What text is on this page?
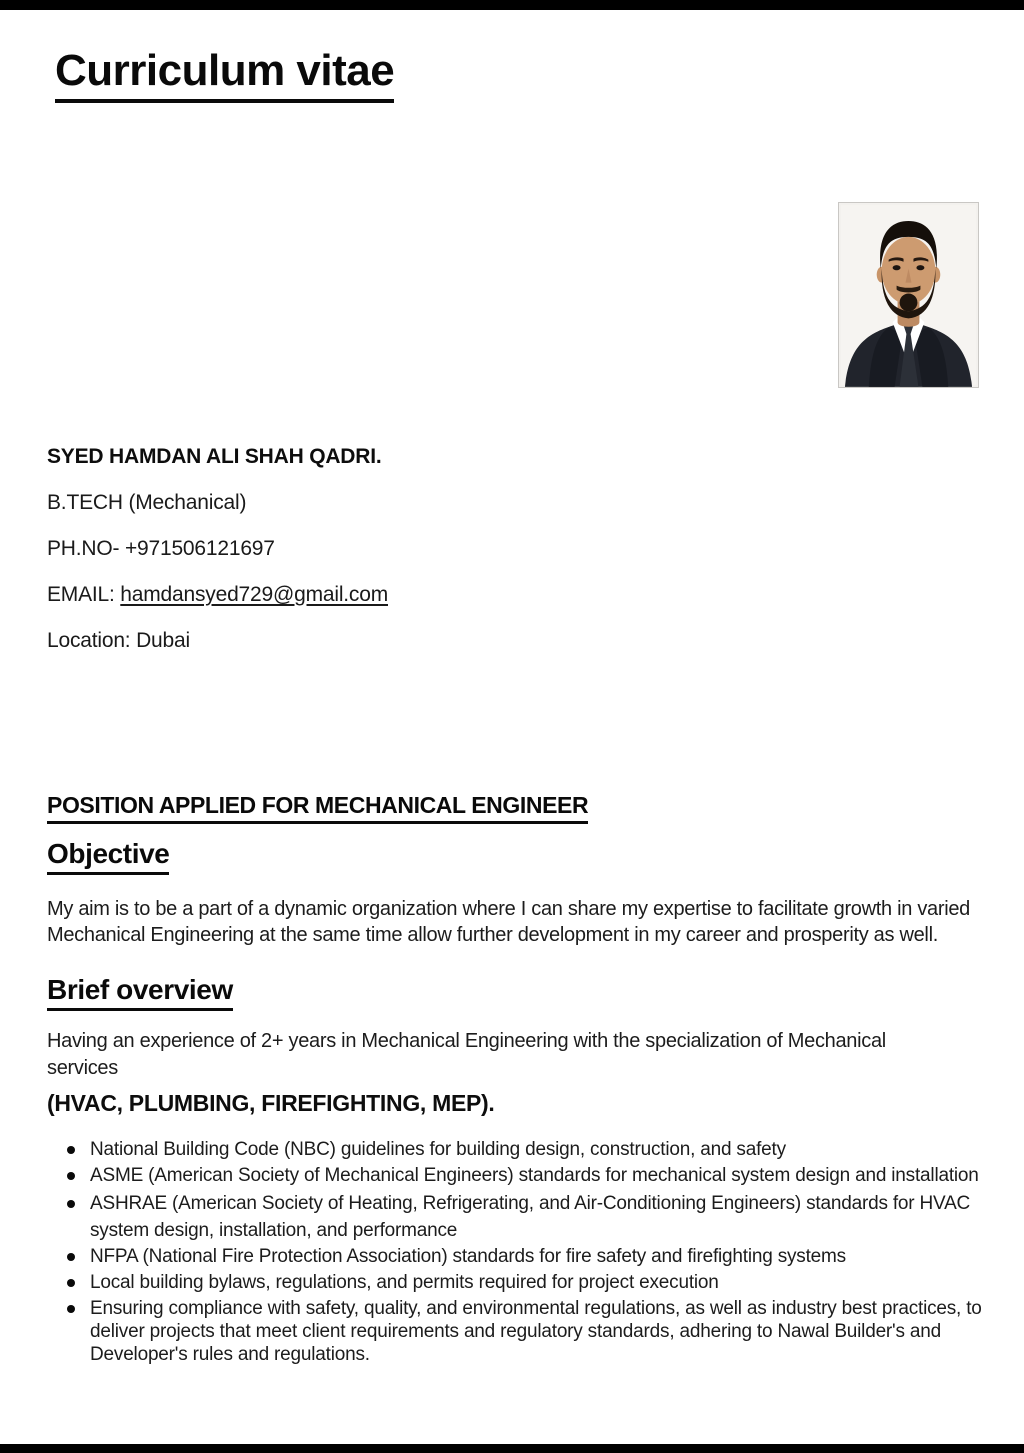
Curriculum vitae

SYED HAMDAN ALI SHAH QADRI.

B.TECH (Mechanical)

PH.NO- +971506121697

EMAIL: hamdansyed729@gmail.com

Location: Dubai

POSITION APPLIED FOR MECHANICAL ENGINEER
Objective

My aim is to be a part of a dynamic organization where I can share my expertise to facilitate growth in varied Mechanical Engineering at the same time allow further development in my career and prosperity as well.

Brief overview

Having an experience of 2+ years in Mechanical Engineering with the specialization of Mechanical services

(HVAC, PLUMBING, FIREFIGHTING, MEP).
National Building Code (NBC) guidelines for building design, construction, and safety
ASME (American Society of Mechanical Engineers) standards for mechanical system design and installation
ASHRAE (American Society of Heating, Refrigerating, and Air-Conditioning Engineers) standards for HVAC system design, installation, and performance
NFPA (National Fire Protection Association) standards for fire safety and firefighting systems
Local building bylaws, regulations, and permits required for project execution
Ensuring compliance with safety, quality, and environmental regulations, as well as industry best practices, to deliver projects that meet client requirements and regulatory standards, adhering to Nawal Builder's and Developer's rules and regulations.
